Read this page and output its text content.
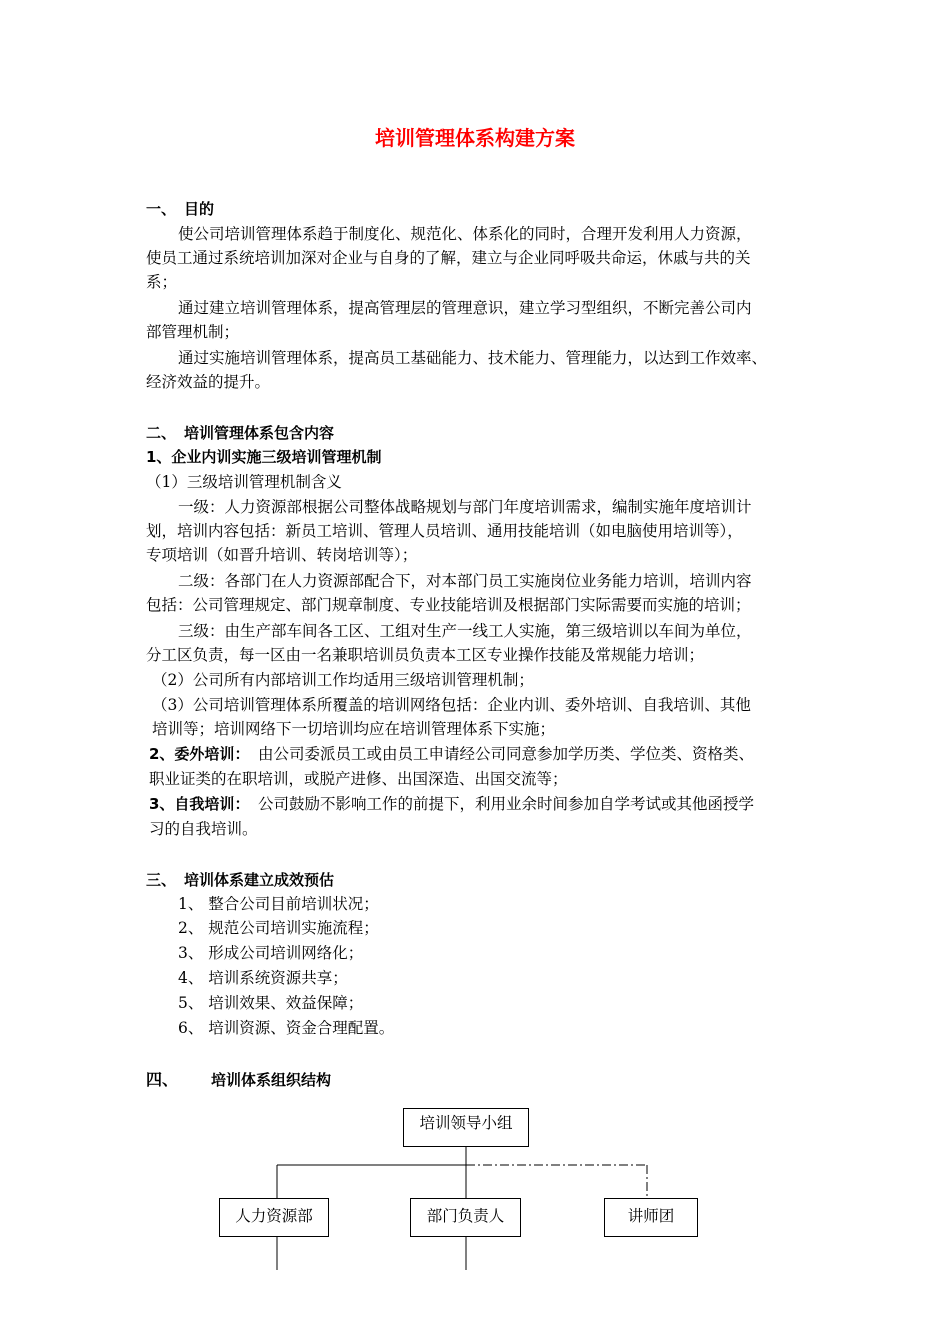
培训管理体系构建方案
一、 目的
使公司培训管理体系趋于制度化、规范化、体系化的同时，合理开发利用人力资源，
使员工通过系统培训加深对企业与自身的了解，建立与企业同呼吸共命运，休戚与共的关
系；
通过建立培训管理体系，提高管理层的管理意识，建立学习型组织，不断完善公司内
部管理机制；
通过实施培训管理体系，提高员工基础能力、技术能力、管理能力，以达到工作效率、
经济效益的提升。
二、 培训管理体系包含内容
1、企业内训实施三级培训管理机制
（1）三级培训管理机制含义
一级：人力资源部根据公司整体战略规划与部门年度培训需求，编制实施年度培训计
划，培训内容包括：新员工培训、管理人员培训、通用技能培训（如电脑使用培训等），
专项培训（如晋升培训、转岗培训等）；
二级：各部门在人力资源部配合下，对本部门员工实施岗位业务能力培训，培训内容
包括：公司管理规定、部门规章制度、专业技能培训及根据部门实际需要而实施的培训；
三级：由生产部车间各工区、工组对生产一线工人实施，第三级培训以车间为单位，
分工区负责，每一区由一名兼职培训员负责本工区专业操作技能及常规能力培训；
（2）公司所有内部培训工作均适用三级培训管理机制；
（3）公司培训管理体系所覆盖的培训网络包括：企业内训、委外培训、自我培训、其他
培训等；培训网络下一切培训均应在培训管理体系下实施；
2、委外培训： 由公司委派员工或由员工申请经公司同意参加学历类、学位类、资格类、
职业证类的在职培训，或脱产进修、出国深造、出国交流等；
3、自我培训： 公司鼓励不影响工作的前提下，利用业余时间参加自学考试或其他函授学
习的自我培训。
三、 培训体系建立成效预估
1、 整合公司目前培训状况；
2、 规范公司培训实施流程；
3、 形成公司培训网络化；
4、 培训系统资源共享；
5、 培训效果、效益保障；
6、 培训资源、资金合理配置。
四、 培训体系组织结构
培训领导小组
人力资源部	部门负责人	讲师团
